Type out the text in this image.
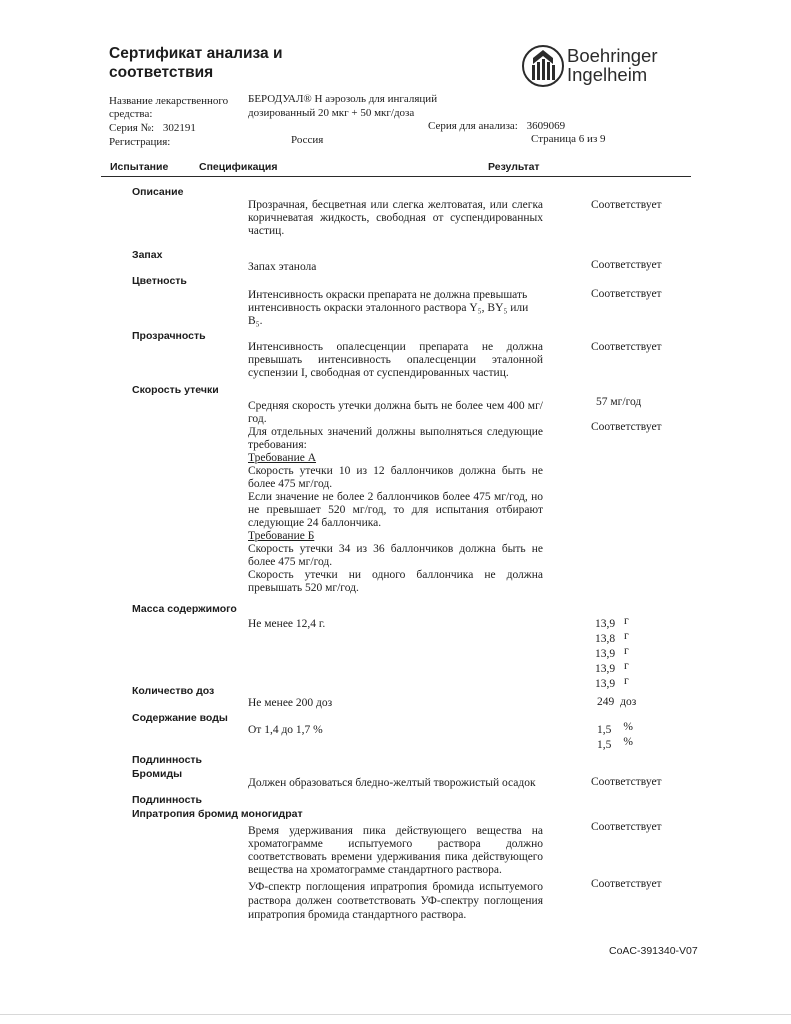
Сертификат анализа и
соответствия
Boehringer
Ingelheim
Название лекарственного
средства:
БЕРОДУАЛ® Н аэрозоль для ингаляций
дозированный 20 мкг + 50 мкг/доза
Серия №: 302191	Серия для анализа: 3609069
Регистрация:	Россия	Страница 6 из 9
Испытание	Спецификация	Результат
Описание
Прозрачная, бесцветная или слегка желтоватая, или слегка коричневатая жидкость, свободная от суспендированных частиц.
Соответствует
Запах
Запах этанола	Соответствует
Цветность
Интенсивность окраски препарата не должна превышать
интенсивность окраски эталонного раствора Y₅, BY₅ или
B₅.
Соответствует
Прозрачность
Интенсивность опалесценции препарата не должна превышать интенсивность опалесценции эталонной суспензии I, свободная от суспендированных частиц.
Соответствует
Скорость утечки

Средняя скорость утечки должна быть не более чем 400 мг/год.

Для отдельных значений должны выполняться следующие требования:

Требование А

Скорость утечки 10 из 12 баллончиков должна быть не более 475 мг/год.

Если значение не более 2 баллончиков более 475 мг/год, но не превышает 520 мг/год, то для испытания отбирают следующие 24 баллончика.

Требование Б

Скорость утечки 34 из 36 баллончиков должна быть не более 475 мг/год.

Скорость утечки ни одного баллончика не должна превышать 520 мг/год.

57 мг/год
Соответствует
Масса содержимого
Не менее 12,4 г.	13,9 г
13,8 г
13,9 г
13,9 г
13,9 г
Количество доз
Не менее 200 доз	249 доз
Содержание воды
От 1,4 до 1,7 %	1,5 %
1,5 %
Подлинность
Бромиды
Должен образоваться бледно-желтый творожистый осадок	Соответствует
Подлинность
Ипратропия бромид моногидрат
Время удерживания пика действующего вещества на хроматограмме испытуемого раствора должно соответствовать времени удерживания пика действующего вещества на хроматограмме стандартного раствора.
Соответствует
УФ-спектр поглощения ипратропия бромида испытуемого раствора должен соответствовать УФ-спектру поглощения ипратропия бромида стандартного раствора.
Соответствует
CoAC-391340-V07
